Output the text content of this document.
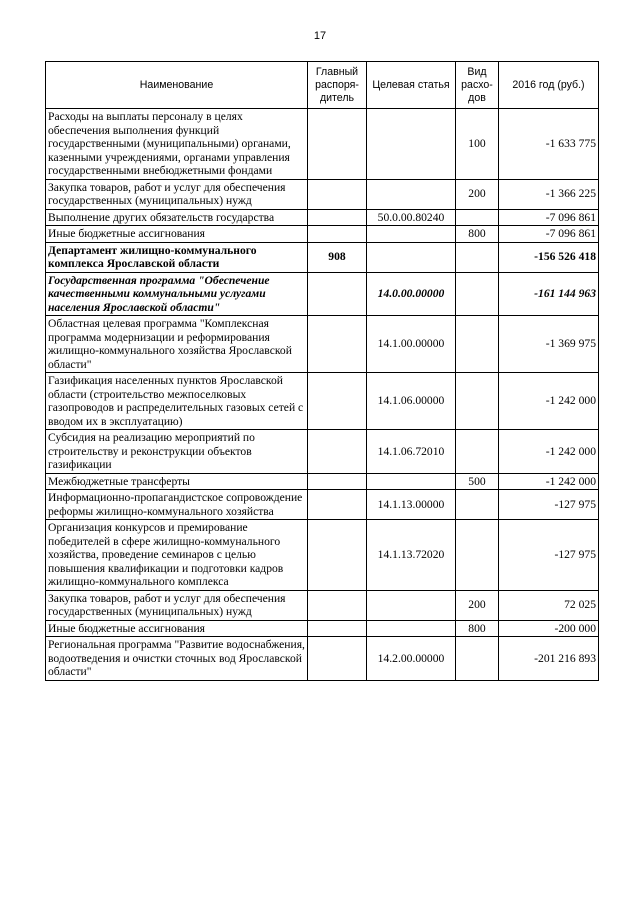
17
Наименование	Главный распоря-дитель	Целевая статья	Вид расхо-дов	2016 год (руб.)
Расходы на выплаты персоналу в целях обеспечения выполнения функций государственными (муниципальными) органами, казенными учреждениями, органами управления государственными внебюджетными фондами			100	-1 633 775
Закупка товаров, работ и услуг для обеспечения государственных (муниципальных) нужд			200	-1 366 225
Выполнение других обязательств государства		50.0.00.80240		-7 096 861
Иные бюджетные ассигнования			800	-7 096 861
Департамент жилищно-коммунального комплекса Ярославской области	908			-156 526 418
Государственная программа "Обеспечение качественными коммунальными услугами населения Ярославской области"		14.0.00.00000		-161 144 963
Областная целевая программа "Комплексная программа модернизации и реформирования жилищно-коммунального хозяйства Ярославской области"		14.1.00.00000		-1 369 975
Газификация населенных пунктов Ярославской области (строительство межпоселковых газопроводов и распределительных газовых сетей с вводом их в эксплуатацию)		14.1.06.00000		-1 242 000
Субсидия на реализацию мероприятий по строительству и реконструкции объектов газификации		14.1.06.72010		-1 242 000
Межбюджетные трансферты			500	-1 242 000
Информационно-пропагандистское сопровождение реформы жилищно-коммунального хозяйства		14.1.13.00000		-127 975
Организация конкурсов и премирование победителей в сфере жилищно-коммунального хозяйства, проведение семинаров с целью повышения квалификации и подготовки кадров жилищно-коммунального комплекса		14.1.13.72020		-127 975
Закупка товаров, работ и услуг для обеспечения государственных (муниципальных) нужд			200	72 025
Иные бюджетные ассигнования			800	-200 000
Региональная программа "Развитие водоснабжения, водоотведения и очистки сточных вод Ярославской области"		14.2.00.00000		-201 216 893
